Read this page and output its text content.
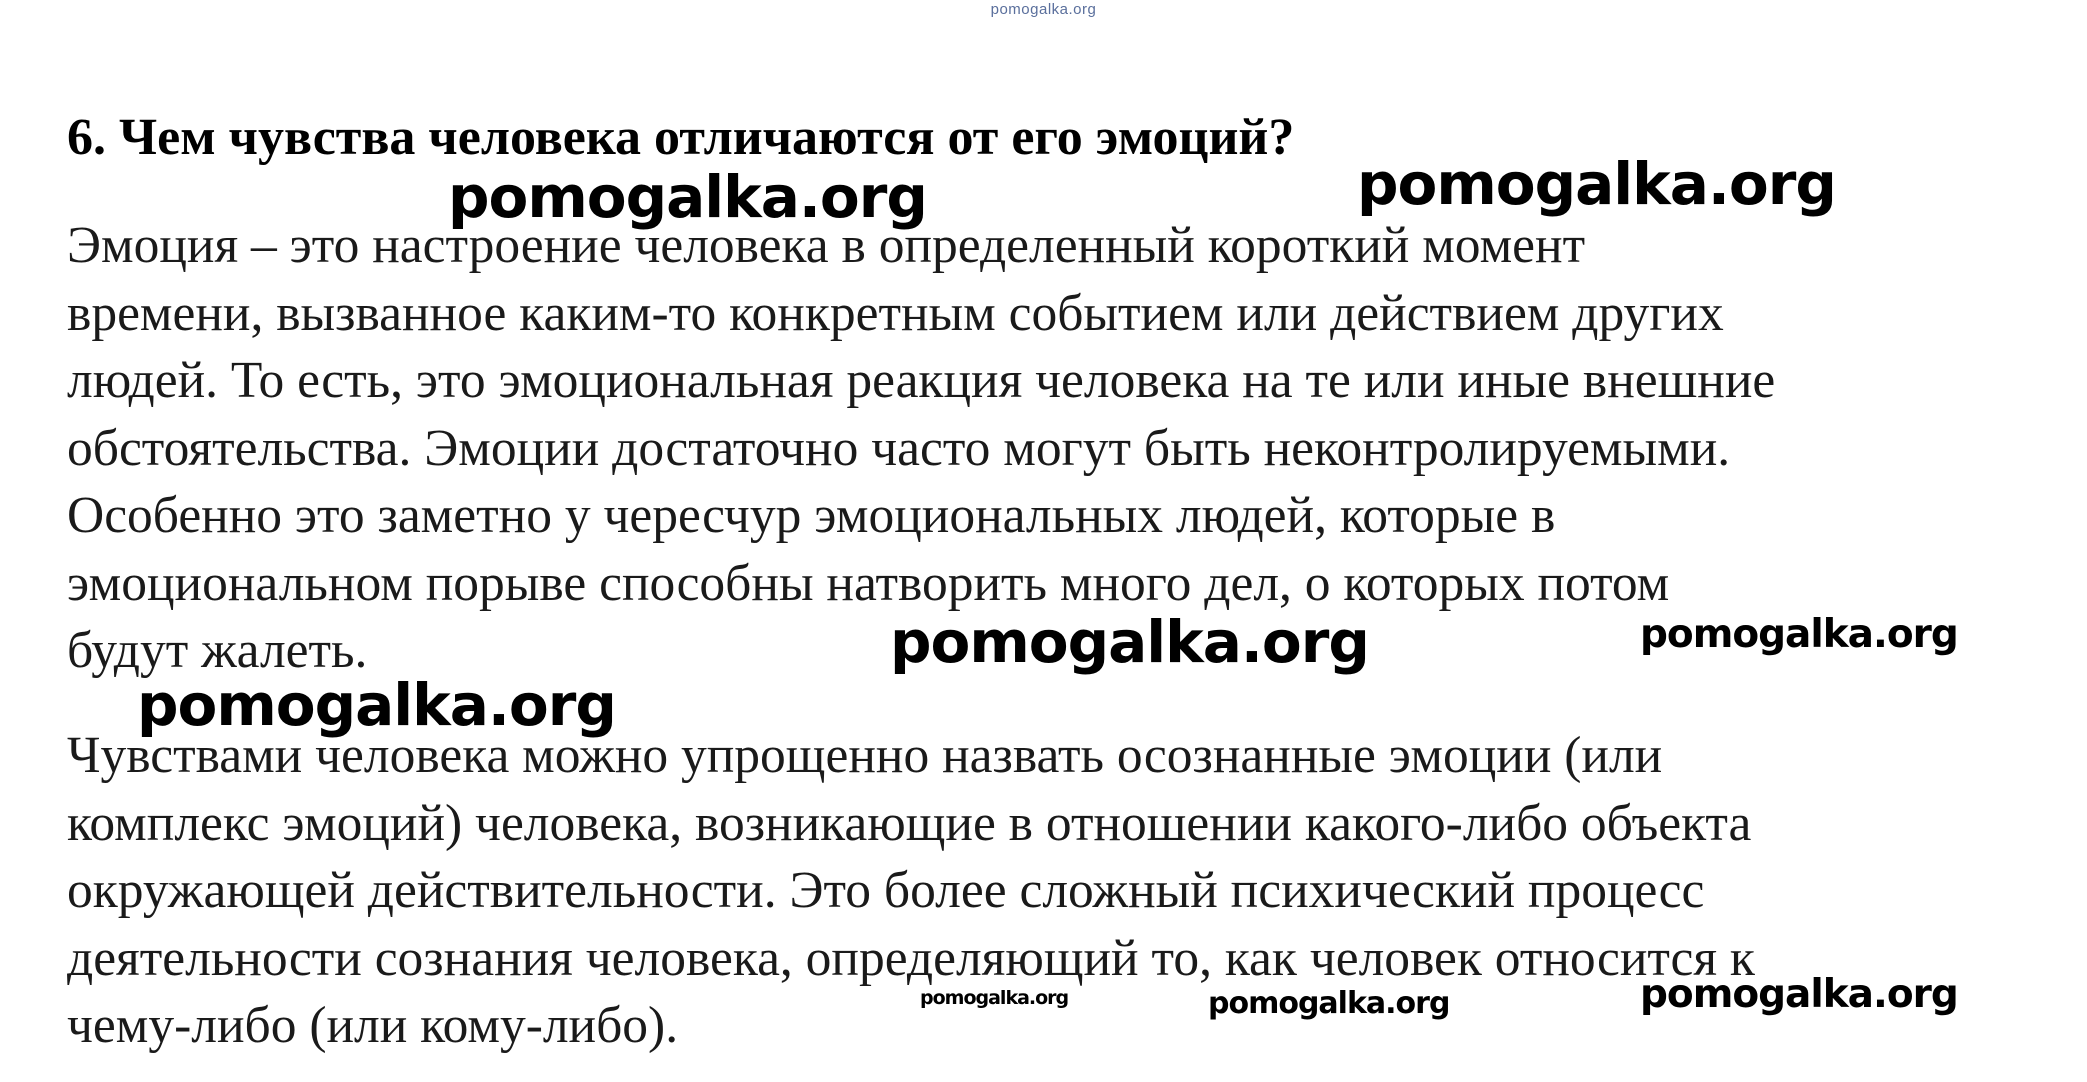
pomogalka.org
6. Чем чувства человека отличаются от его эмоций?

Эмоция – это настроение человека в определенный короткий момент
времени, вызванное каким-то конкретным событием или действием других
людей. То есть, это эмоциональная реакция человека на те или иные внешние
обстоятельства. Эмоции достаточно часто могут быть неконтролируемыми.
Особенно это заметно у чересчур эмоциональных людей, которые в
эмоциональном порыве способны натворить много дел, о которых потом
будут жалеть.

Чувствами человека можно упрощенно назвать осознанные эмоции (или
комплекс эмоций) человека, возникающие в отношении какого-либо объекта
окружающей действительности. Это более сложный психический процесс
деятельности сознания человека, определяющий то, как человек относится к
чему-либо (или кому-либо).

pomogalka.org	pomogalka.org
pomogalka.org	pomogalka.org
pomogalka.org
pomogalka.org
pomogalka.org	pomogalka.org
